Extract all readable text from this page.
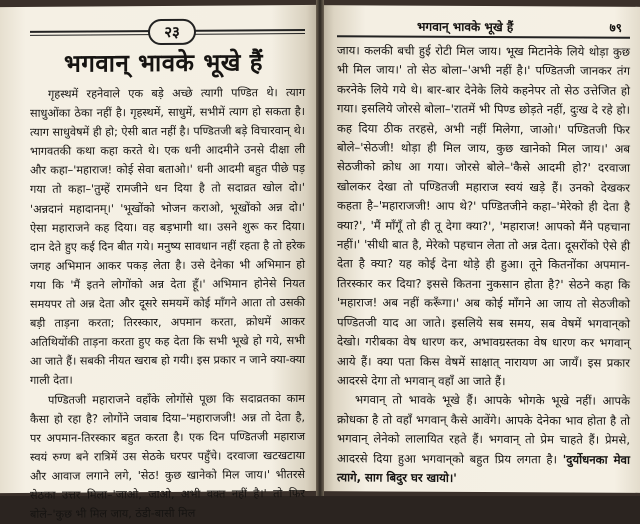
२३
भगवान् भावके भूखे हैं

गृहस्थमें रहनेवाले एक बड़े अच्छे त्यागी पण्डित थे। त्याग साधुओंका ठेका नहीं है। गृहस्थमें, साधुमें, सभीमें त्याग हो सकता है। त्याग साधुवेषमें ही हो; ऐसी बात नहीं है। पण्डितजी बड़े विचारवान् थे। भागवतकी कथा कहा करते थे। एक धनी आदमीने उनसे दीक्षा ली और कहा–'महाराज! कोई सेवा बताओ।' धनी आदमी बहुत पीछे पड़ गया तो कहा–'तुम्हें रामजीने धन दिया है तो सदाव्रत खोल दो।' 'अन्नदानं महादानम्।' 'भूखोंको भोजन कराओ, भूखोंको अन्न दो।' ऐसा महाराजने कह दिया। वह बड़भागी था। उसने शुरू कर दिया। दान देते हुए कई दिन बीत गये। मनुष्य सावधान नहीं रहता है तो हरेक जगह अभिमान आकर पकड़ लेता है। उसे देनेका भी अभिमान हो गया कि 'मैं इतने लोगोंको अन्न देता हूँ।' अभिमान होनेसे नियत समयपर तो अन्न देता और दूसरे समयमें कोई माँगने आता तो उसकी बड़ी ताड़ना करता; तिरस्कार, अपमान करता, क्रोधमें आकर अतिथियोंकी ताड़ना करता हुए कह देता कि सभी भूखे हो गये, सभी आ जाते हैं। सबकी नीयत खराब हो गयी। इस प्रकार न जाने क्या-क्या गाली देता।

पण्डितजी महाराजने वहाँके लोगोंसे पूछा कि सदाव्रतका काम कैसा हो रहा है? लोगोंने जवाब दिया–'महाराजजी! अन्न तो देता है, पर अपमान-तिरस्कार बहुत करता है। एक दिन पण्डितजी महाराज स्वयं रुग्ण बने रात्रिमें उस सेठके घरपर पहुँचे। दरवाजा खटखटाया और आवाज लगाने लगे, 'सेठ! कुछ खानेको मिल जाय।' भीतरसे सेठका उत्तर मिला–'जाओ, जाओ, अभी वक्त नहीं है।' तो फिर बोले–'कुछ भी मिल जाय, ठंडी-बासी मिल

भगवान् भावके भूखे हैं	७९

जाय। कलकी बची हुई रोटी मिल जाय। भूख मिटानेके लिये थोड़ा कुछ भी मिल जाय।' तो सेठ बोला–'अभी नहीं है।' पण्डितजी जानकर तंग करनेके लिये गये थे। बार-बार देनेके लिये कहनेपर तो सेठ उत्तेजित हो गया। इसलिये जोरसे बोला–'रातमें भी पिण्ड छोड़ते नहीं, दुःख दे रहे हो। कह दिया ठीक तरहसे, अभी नहीं मिलेगा, जाओ।' पण्डितजी फिर बोले–'सेठजी! थोड़ा ही मिल जाय, कुछ खानेको मिल जाय।' अब सेठजीको क्रोध आ गया। जोरसे बोले–'कैसे आदमी हो?' दरवाजा खोलकर देखा तो पण्डितजी महाराज स्वयं खड़े हैं। उनको देखकर कहता है–'महाराजजी! आप थे?' पण्डितजीने कहा–'मेरेको ही देता है क्या?', 'मैं माँगूँ तो ही तू देगा क्या?', 'महाराज! आपको मैंने पहचाना नहीं।' 'सीधी बात है, मेरेको पहचान लेता तो अन्न देता। दूसरोंको ऐसे ही देता है क्या? यह कोई देना थोड़े ही हुआ। तूने कितनोंका अपमान-तिरस्कार कर दिया? इससे कितना नुकसान होता है?' सेठने कहा कि 'महाराज! अब नहीं करूँगा।' अब कोई माँगने आ जाय तो सेठजीको पण्डितजी याद आ जाते। इसलिये सब समय, सब वेषमें भगवान्‌को देखो। गरीबका वेष धारण कर, अभावग्रस्तका वेष धारण कर भगवान् आये हैं। क्या पता किस वेषमें साक्षात् नारायण आ जायँ। इस प्रकार आदरसे देगा तो भगवान् वहाँ आ जाते हैं।

भगवान् तो भावके भूखे हैं। आपके भोगके भूखे नहीं। आपके क्रोधका है तो वहाँ भगवान् कैसे आवेंगे। आपके देनेका भाव होता है तो भगवान् लेनेको लालायित रहते हैं। भगवान् तो प्रेम चाहते हैं। प्रेमसे, आदरसे दिया हुआ भगवान्‌को बहुत प्रिय लगता है। 'दुर्योधनका मेवा त्यागे, साग बिदुर घर खायो।'
